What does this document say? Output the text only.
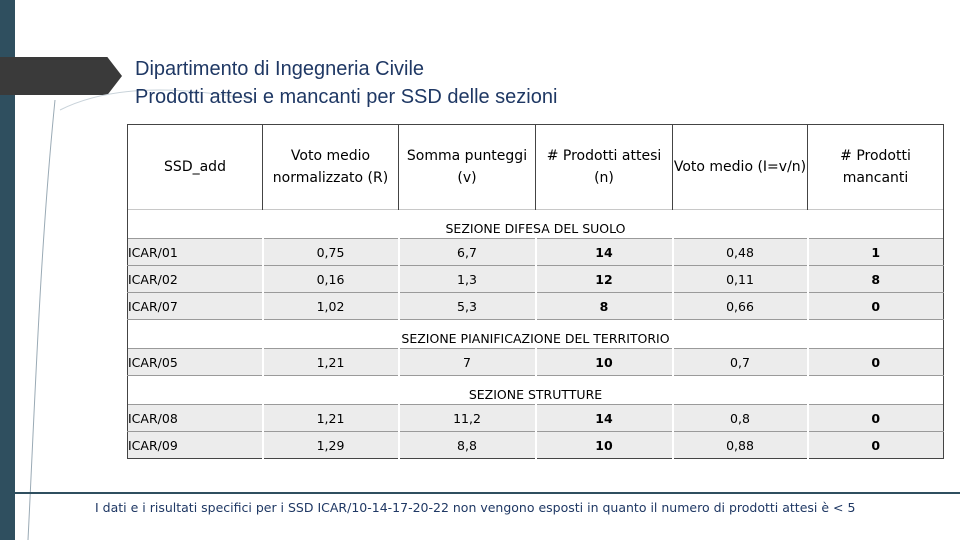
Dipartimento di Ingegneria Civile
Prodotti attesi e mancanti per SSD delle sezioni
SSD_add	Voto medio normalizzato (R)	Somma punteggi (v)	# Prodotti attesi (n)	Voto medio (I=v/n)	# Prodotti mancanti
SEZIONE DIFESA DEL SUOLO					
ICAR/01	0,75	6,7	14	0,48	1
ICAR/02	0,16	1,3	12	0,11	8
ICAR/07	1,02	5,3	8	0,66	0
SEZIONE PIANIFICAZIONE DEL TERRITORIO					
ICAR/05	1,21	7	10	0,7	0
SEZIONE STRUTTURE					
ICAR/08	1,21	11,2	14	0,8	0
ICAR/09	1,29	8,8	10	0,88	0
I dati e i risultati specifici per i SSD ICAR/10-14-17-20-22 non vengono esposti in quanto il numero di prodotti attesi è < 5
